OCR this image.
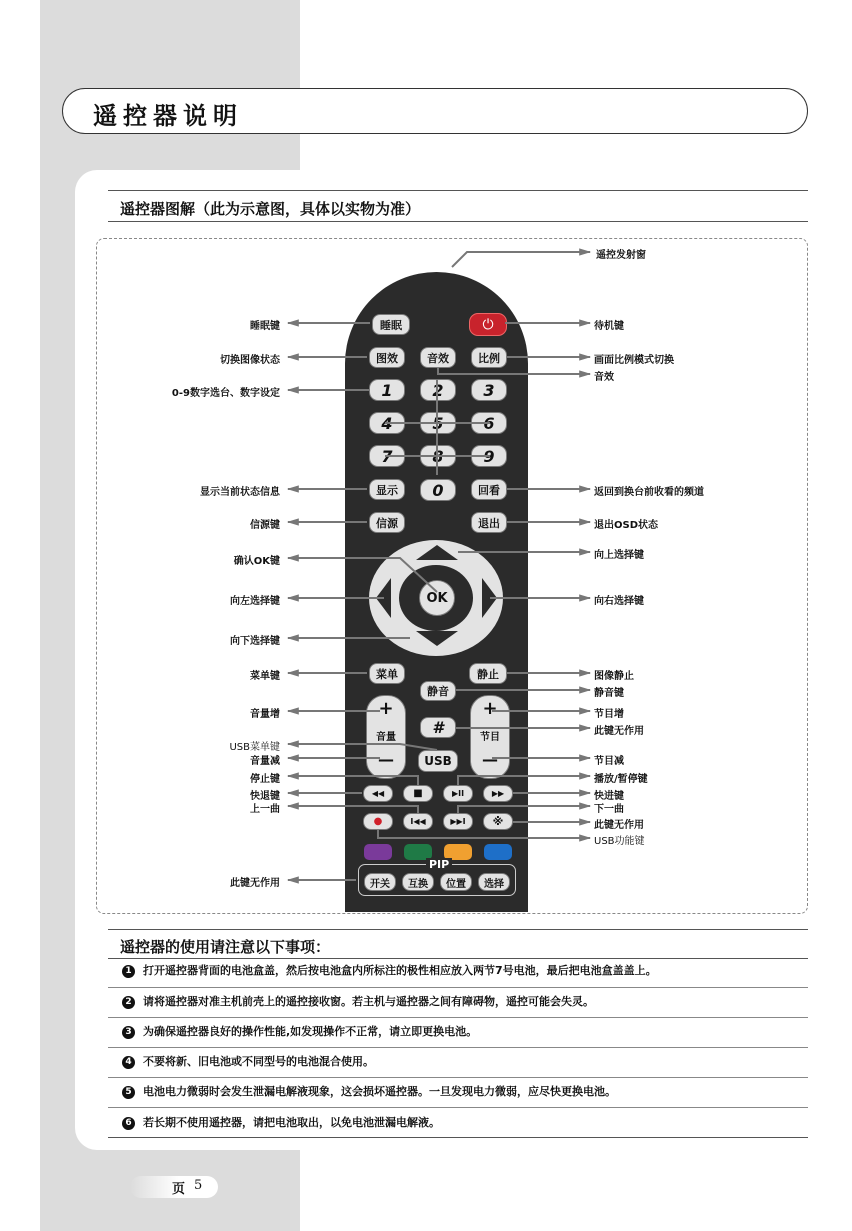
遥控器说明
遥控器图解（此为示意图，具体以实物为准）
睡眠	⏻
图效	音效	比例
1	2	3
4	5	6
7	8	9
显示	0	回看
信源	退出
OK
菜单	静止
静音
+
音量
—
+
节目
—
#
USB
◀◀	■	▶II	▶▶
●	I◀◀	▶▶I	※
PIP
开关	互换	位置	选择
睡眠键
切换图像状态
0-9数字选台、数字设定
显示当前状态信息
信源键
确认OK键
向左选择键
向下选择键
菜单键
音量增
USB菜单键
音量减
停止键
快退键
上一曲
此键无作用
遥控发射窗
待机键
画面比例模式切换
音效
返回到换台前收看的频道
退出OSD状态
向上选择键
向右选择键
图像静止
静音键
节目增
此键无作用
节目减
播放/暂停键
快进键
下一曲
此键无作用
USB功能键
遥控器的使用请注意以下事项：
1 打开遥控器背面的电池盒盖，然后按电池盒内所标注的极性相应放入两节7号电池，最后把电池盒盖盖上。
2 请将遥控器对准主机前壳上的遥控接收窗。若主机与遥控器之间有障碍物，遥控可能会失灵。
3 为确保遥控器良好的操作性能,如发现操作不正常，请立即更换电池。
4 不要将新、旧电池或不同型号的电池混合使用。
5 电池电力微弱时会发生泄漏电解液现象，这会损坏遥控器。一旦发现电力微弱，应尽快更换电池。
6 若长期不使用遥控器，请把电池取出，以免电池泄漏电解液。
页 5
